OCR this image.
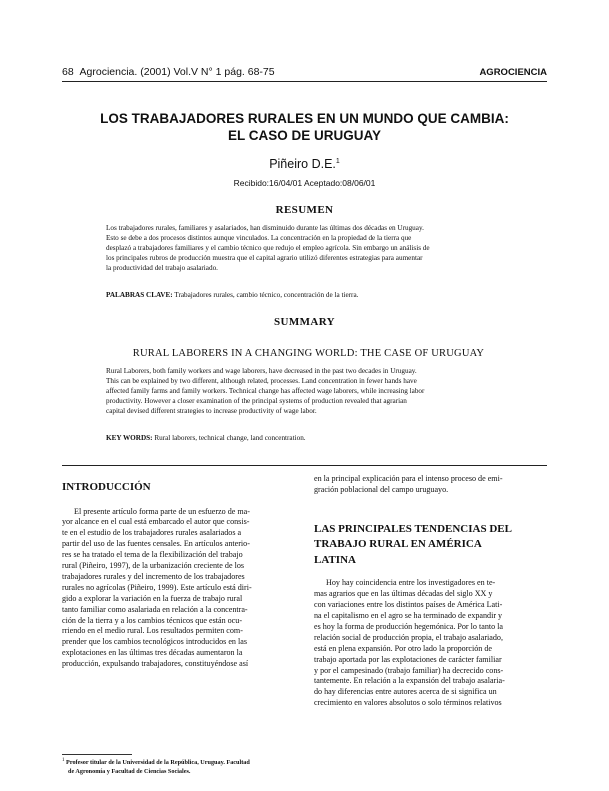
68 Agrociencia. (2001) Vol.V N° 1 pág. 68-75	AGROCIENCIA
LOS TRABAJADORES RURALES EN UN MUNDO QUE CAMBIA:
EL CASO DE URUGUAY
Piñeiro D.E.$^1$
Recibido:16/04/01 Aceptado:08/06/01
RESUMEN
Los trabajadores rurales, familiares y asalariados, han disminuido durante las últimas dos décadas en Uruguay.
Esto se debe a dos procesos distintos aunque vinculados. La concentración en la propiedad de la tierra que
desplazó a trabajadores familiares y el cambio técnico que redujo el empleo agrícola. Sin embargo un análisis de
los principales rubros de producción muestra que el capital agrario utilizó diferentes estrategias para aumentar
la productividad del trabajo asalariado.
PALABRAS CLAVE: Trabajadores rurales, cambio técnico, concentración de la tierra.
SUMMARY
RURAL LABORERS IN A CHANGING WORLD: THE CASE OF URUGUAY
Rural Laborers, both family workers and wage laborers, have decreased in the past two decades in Uruguay.
This can be explained by two different, although related, processes. Land concentration in fewer hands have
affected family farms and family workers. Technical change has affected wage laborers, while increasing labor
productivity. However a closer examination of the principal systems of production revealed that agrarian
capital devised different strategies to increase productivity of wage labor.
KEY WORDS: Rural laborers, technical change, land concentration.
INTRODUCCIÓN
El presente artículo forma parte de un esfuerzo de ma-
yor alcance en el cual está embarcado el autor que consis-
te en el estudio de los trabajadores rurales asalariados a
partir del uso de las fuentes censales. En artículos anterio-
res se ha tratado el tema de la flexibilización del trabajo
rural (Piñeiro, 1997), de la urbanización creciente de los
trabajadores rurales y del incremento de los trabajadores
rurales no agrícolas (Piñeiro, 1999). Este artículo está diri-
gido a explorar la variación en la fuerza de trabajo rural
tanto familiar como asalariada en relación a la concentra-
ción de la tierra y a los cambios técnicos que están ocu-
rriendo en el medio rural. Los resultados permiten com-
prender que los cambios tecnológicos introducidos en las
explotaciones en las últimas tres décadas aumentaron la
producción, expulsando trabajadores, constituyéndose así
en la principal explicación para el intenso proceso de emi-
gración poblacional del campo uruguayo.
LAS PRINCIPALES TENDENCIAS DEL
TRABAJO RURAL EN AMÉRICA
LATINA
Hoy hay coincidencia entre los investigadores en te-
mas agrarios que en las últimas décadas del siglo XX y
con variaciones entre los distintos países de América Lati-
na el capitalismo en el agro se ha terminado de expandir y
es hoy la forma de producción hegemónica. Por lo tanto la
relación social de producción propia, el trabajo asalariado,
está en plena expansión. Por otro lado la proporción de
trabajo aportada por las explotaciones de carácter familiar
y por el campesinado (trabajo familiar) ha decrecido cons-
tantemente. En relación a la expansión del trabajo asalaria-
do hay diferencias entre autores acerca de si significa un
crecimiento en valores absolutos o solo términos relativos
$^1$ Profesor titular de la Universidad de la República, Uruguay. Facultad
de Agronomía y Facultad de Ciencias Sociales.
